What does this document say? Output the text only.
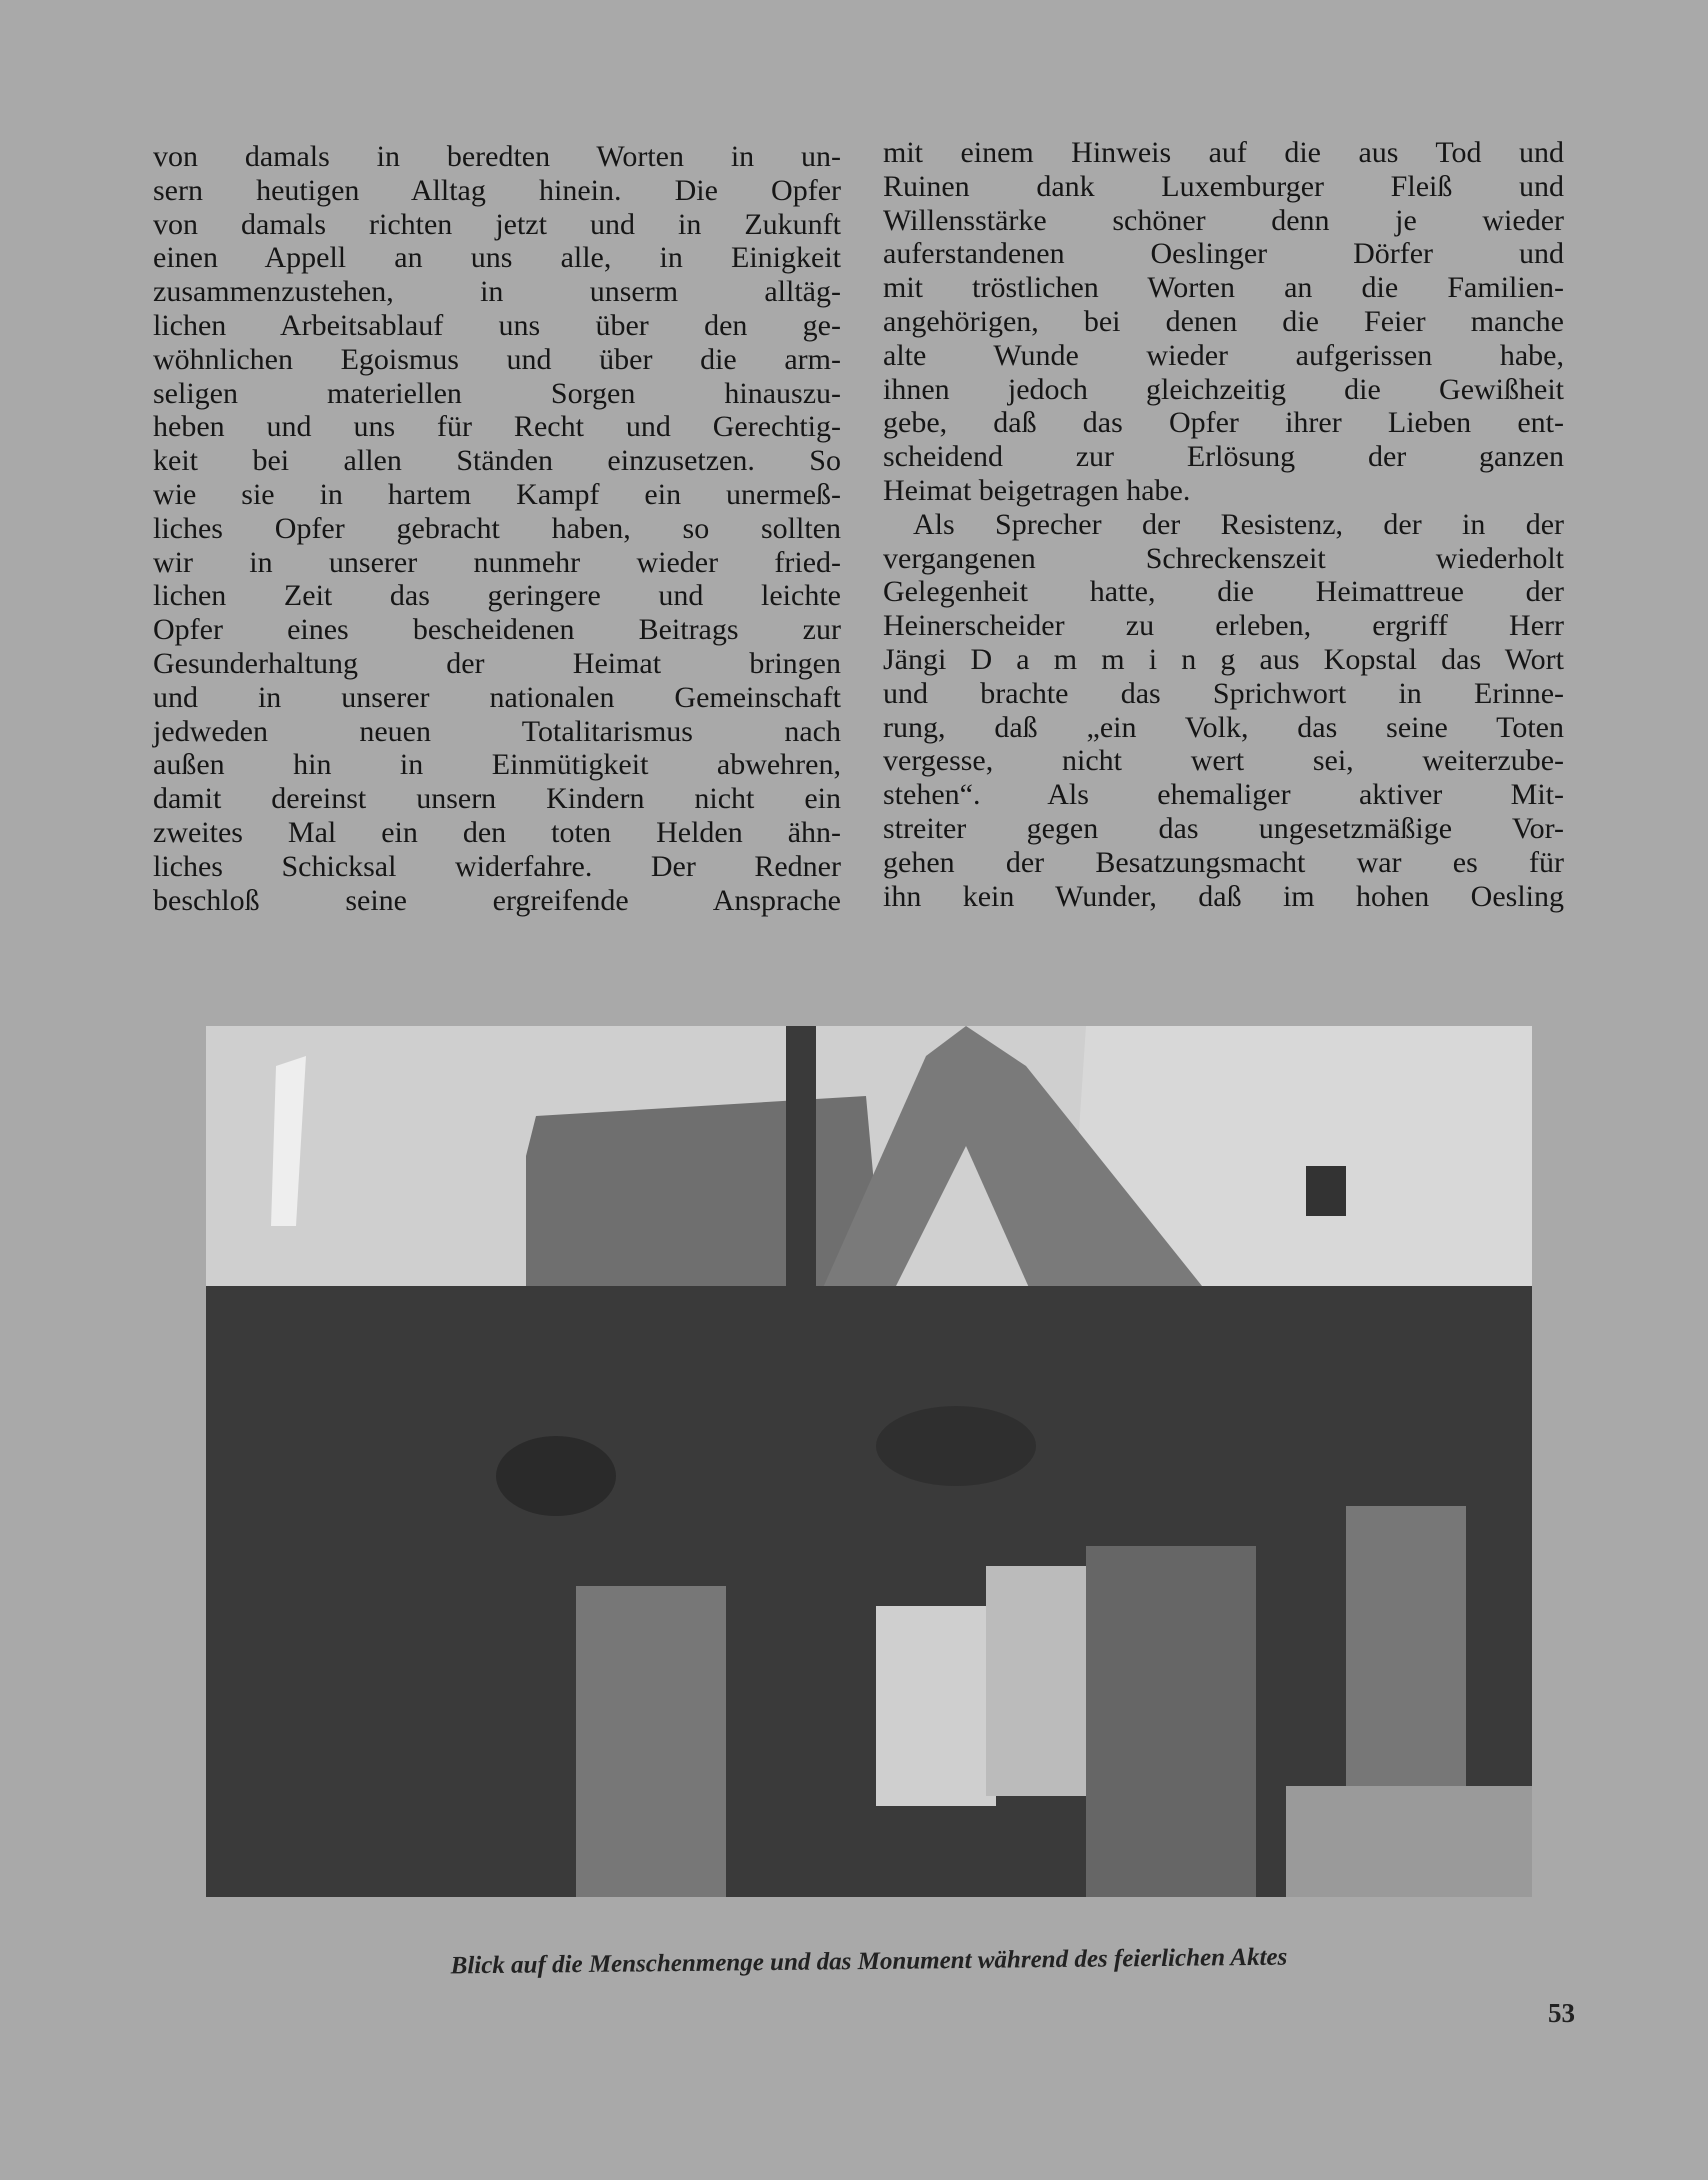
von damals in beredten Worten in un-
sern heutigen Alltag hinein. Die Opfer
von damals richten jetzt und in Zukunft
einen Appell an uns alle, in Einigkeit
zusammenzustehen, in unserm alltäg-
lichen Arbeitsablauf uns über den ge-
wöhnlichen Egoismus und über die arm-
seligen materiellen Sorgen hinauszu-
heben und uns für Recht und Gerechtig-
keit bei allen Ständen einzusetzen. So
wie sie in hartem Kampf ein unermeß-
liches Opfer gebracht haben, so sollten
wir in unserer nunmehr wieder fried-
lichen Zeit das geringere und leichte
Opfer eines bescheidenen Beitrags zur
Gesunderhaltung der Heimat bringen
und in unserer nationalen Gemeinschaft
jedweden neuen Totalitarismus nach
außen hin in Einmütigkeit abwehren,
damit dereinst unsern Kindern nicht ein
zweites Mal ein den toten Helden ähn-
liches Schicksal widerfahre. Der Redner
beschloß seine ergreifende Ansprache
mit einem Hinweis auf die aus Tod und
Ruinen dank Luxemburger Fleiß und
Willensstärke schöner denn je wieder
auferstandenen Oeslinger Dörfer und
mit tröstlichen Worten an die Familien-
angehörigen, bei denen die Feier manche
alte Wunde wieder aufgerissen habe,
ihnen jedoch gleichzeitig die Gewißheit
gebe, daß das Opfer ihrer Lieben ent-
scheidend zur Erlösung der ganzen
Heimat beigetragen habe.
Als Sprecher der Resistenz, der in der
vergangenen Schreckenszeit wiederholt
Gelegenheit hatte, die Heimattreue der
Heinerscheider zu erleben, ergriff Herr
Jängi D a m m i n g aus Kopstal das Wort
und brachte das Sprichwort in Erinne-
rung, daß „ein Volk, das seine Toten
vergesse, nicht wert sei, weiterzube-
stehen“. Als ehemaliger aktiver Mit-
streiter gegen das ungesetzmäßige Vor-
gehen der Besatzungsmacht war es für
ihn kein Wunder, daß im hohen Oesling
Blick auf die Menschenmenge und das Monument während des feierlichen Aktes
53
